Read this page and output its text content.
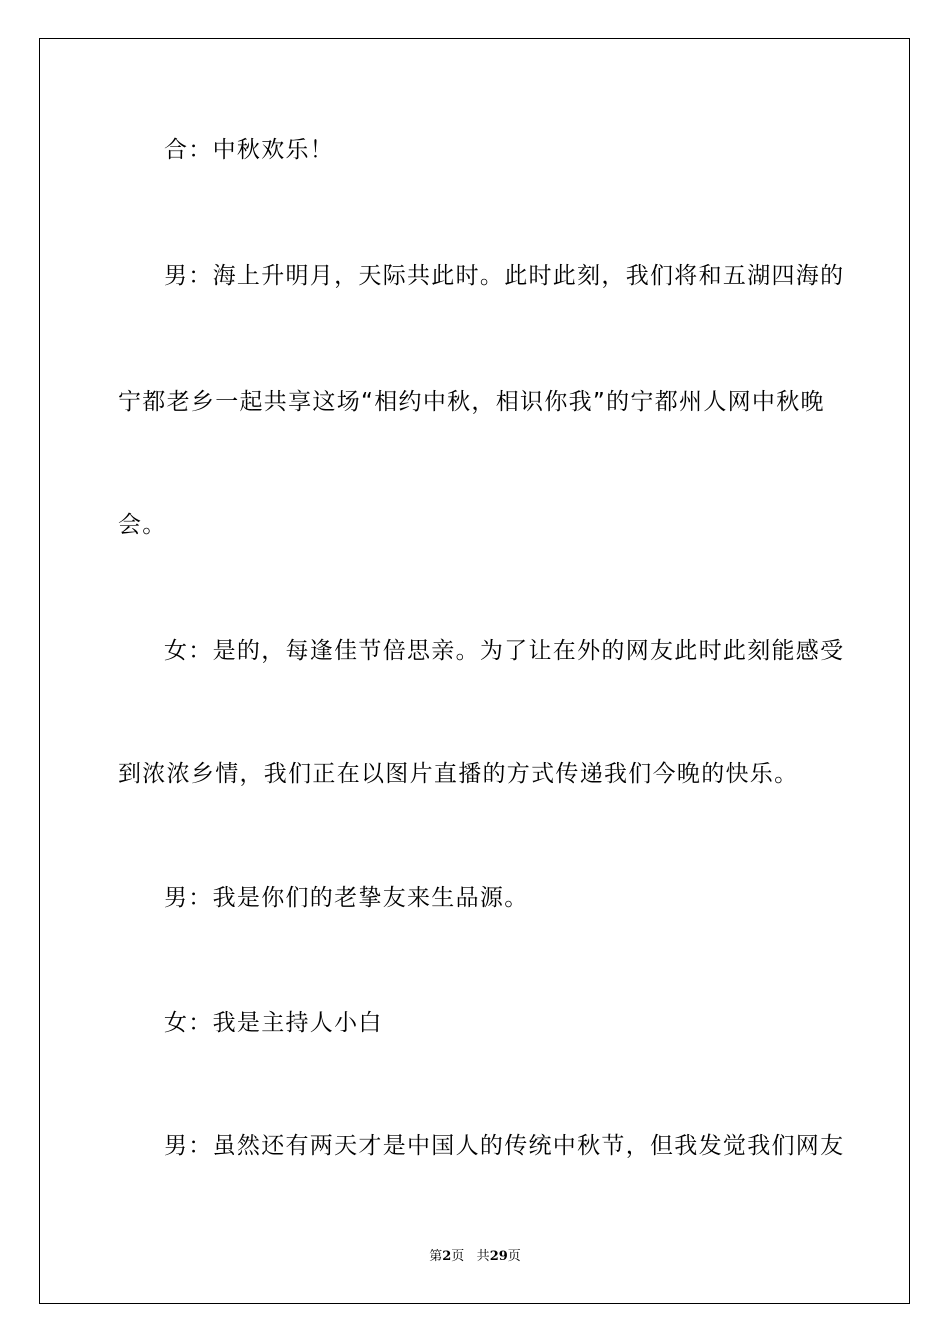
合：中秋欢乐！
男：海上升明月，天际共此时。此时此刻，我们将和五湖四海的
宁都老乡一起共享这场“相约中秋，相识你我”的宁都州人网中秋晚
会。
女：是的，每逢佳节倍思亲。为了让在外的网友此时此刻能感受
到浓浓乡情，我们正在以图片直播的方式传递我们今晚的快乐。
男：我是你们的老挚友来生品源。
女：我是主持人小白
男：虽然还有两天才是中国人的传统中秋节，但我发觉我们网友
第2页 共29页
